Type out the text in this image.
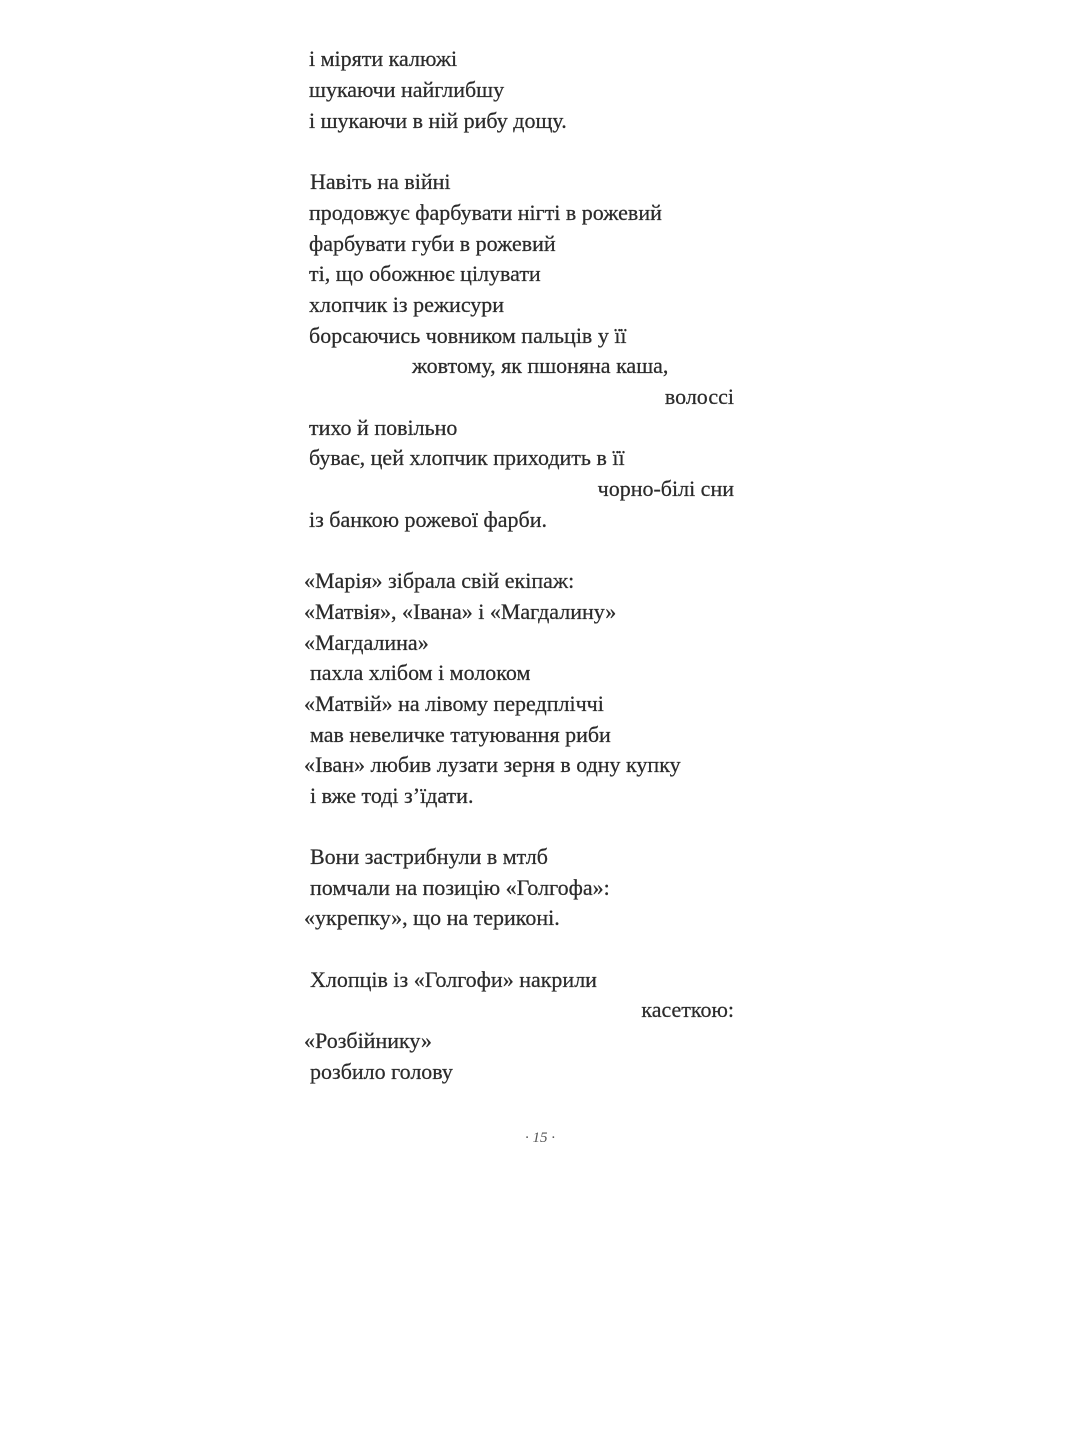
і міряти калюжі
шукаючи найглибшу
і шукаючи в ній рибу дощу.
Навіть на війні
продовжує фарбувати нігті в рожевий
фарбувати губи в рожевий
ті, що обожнює цілувати
хлопчик із режисури
борсаючись човником пальців у її
жовтому, як пшоняна каша,
волоссі
тихо й повільно
буває, цей хлопчик приходить в її
чорно-білі сни
із банкою рожевої фарби.
«Марія» зібрала свій екіпаж:
«Матвія», «Івана» і «Магдалину»
«Магдалина»
пахла хлібом і молоком
«Матвій» на лівому передпліччі
мав невеличке татуювання риби
«Іван» любив лузати зерня в одну купку
і вже тоді з’їдати.
Вони застрибнули в мтлб
помчали на позицію «Голгофа»:
«укрепку», що на териконі.
Хлопців із «Голгофи» накрили
касеткою:
«Розбійнику»
розбило голову
· 15 ·
